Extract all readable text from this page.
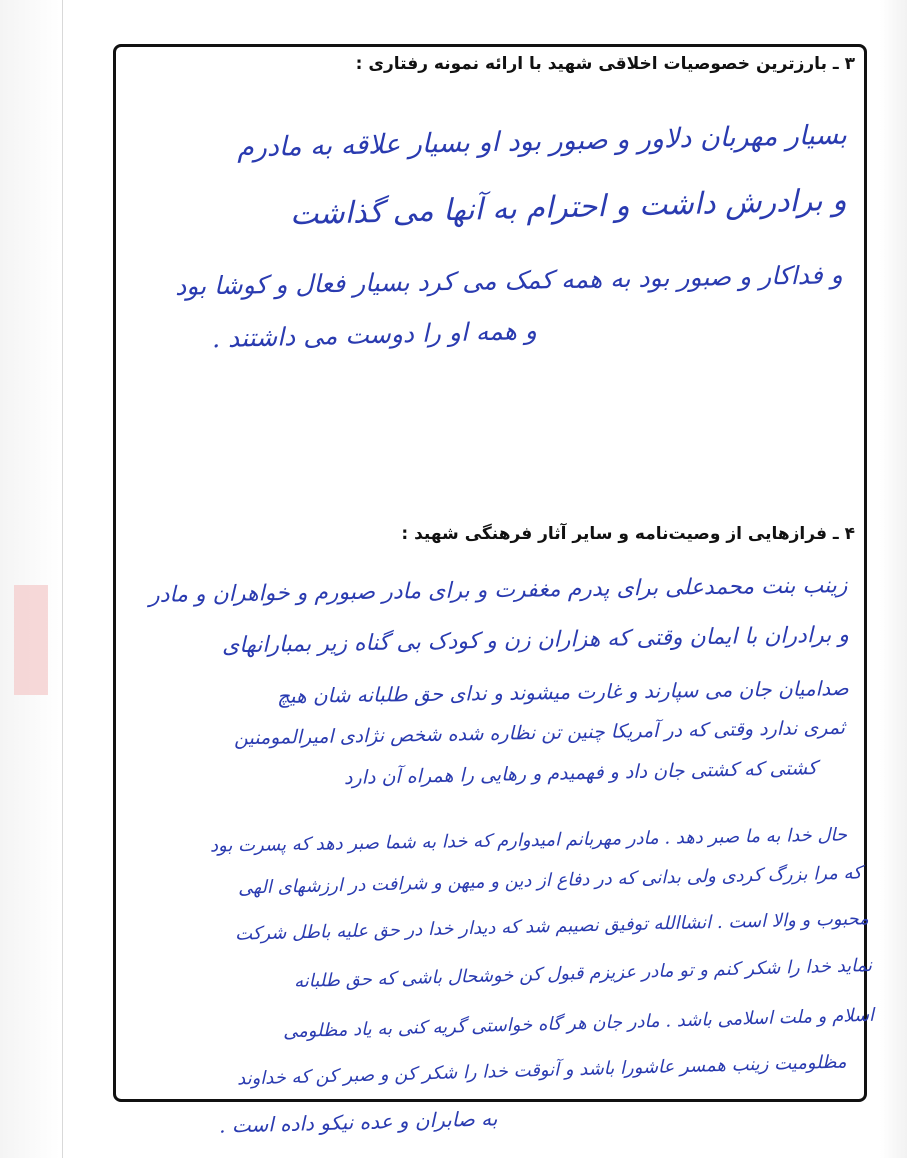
۳ ـ بارزترین خصوصیات اخلاقی شهید با ارائه نمونه رفتاری :
بسیار مهربان دلاور و صبور بود او بسیار علاقه به مادرم
و برادرش داشت و احترام به آنها می گذاشت
و فداکار و صبور بود به همه کمک می کرد بسیار فعال و کوشا بود
و همه او را دوست می داشتند .
۴ ـ فرازهایی از وصیت‌نامه و سایر آثار فرهنگی شهید :
زینب بنت محمدعلی برای پدرم مغفرت و برای مادر صبورم و خواهران و مادر
و برادران با ایمان وقتی که هزاران زن و کودک بی گناه زیر بمبارانهای
صدامیان جان می سپارند و غارت میشوند و ندای حق طلبانه شان هیچ
ثمری ندارد وقتی که در آمریکا چنین تن نظاره شده شخص نژادی امیرالمومنین
کشتی که کشتی جان داد و فهمیدم و رهایی را همراه آن دارد
حال خدا به ما صبر دهد . مادر مهربانم امیدوارم که خدا به شما صبر دهد که پسرت بود
که مرا بزرگ کردی ولی بدانی که در دفاع از دین و میهن و شرافت در ارزشهای الهی
محبوب و والا است . انشاالله توفیق نصیبم شد که دیدار خدا در حق علیه باطل شرکت
نماید خدا را شکر کنم و تو مادر عزیزم قبول کن خوشحال باشی که حق طلبانه
اسلام و ملت اسلامی باشد . مادر جان هر گاه خواستی گریه کنی به یاد مظلومی
مظلومیت زینب همسر عاشورا باشد و آنوقت خدا را شکر کن و صبر کن که خداوند
به صابران و عده نیکو داده است .
